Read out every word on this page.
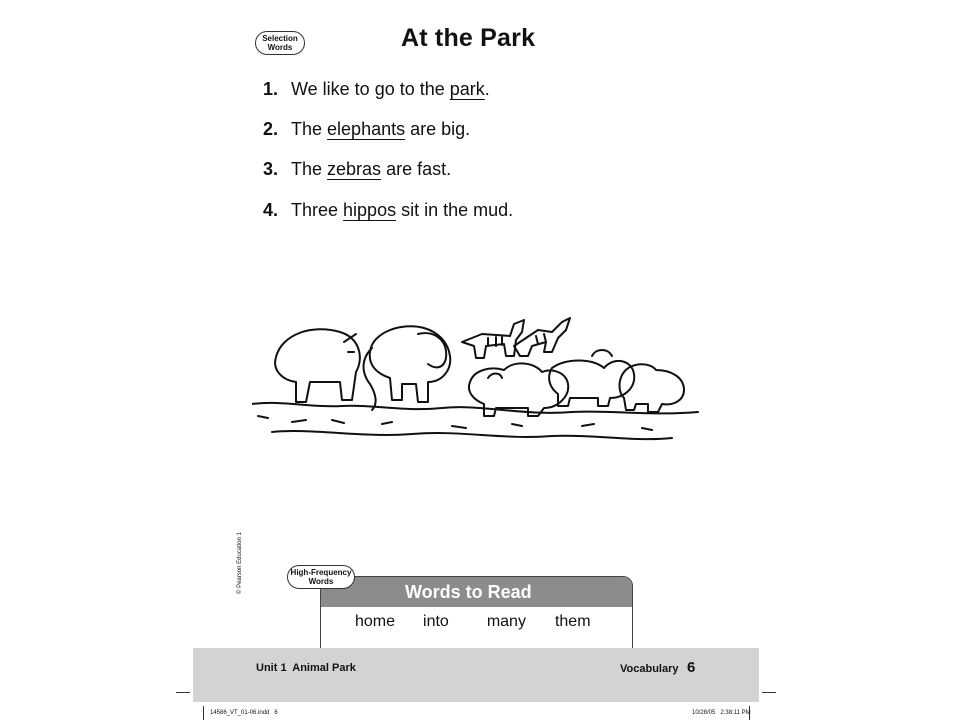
Selection
Words	At the Park
1. We like to go to the park .
2. The elephants are big.
3. The zebras are fast.
4. Three hippos sit in the mud.
© Pearson Education 1	Words to Read
home into many them
High-Frequency
Words
Unit 1  Animal Park	Vocabulary 6
14586_VT_01-06.indd   6	10/28/05   2:38:11 PM
